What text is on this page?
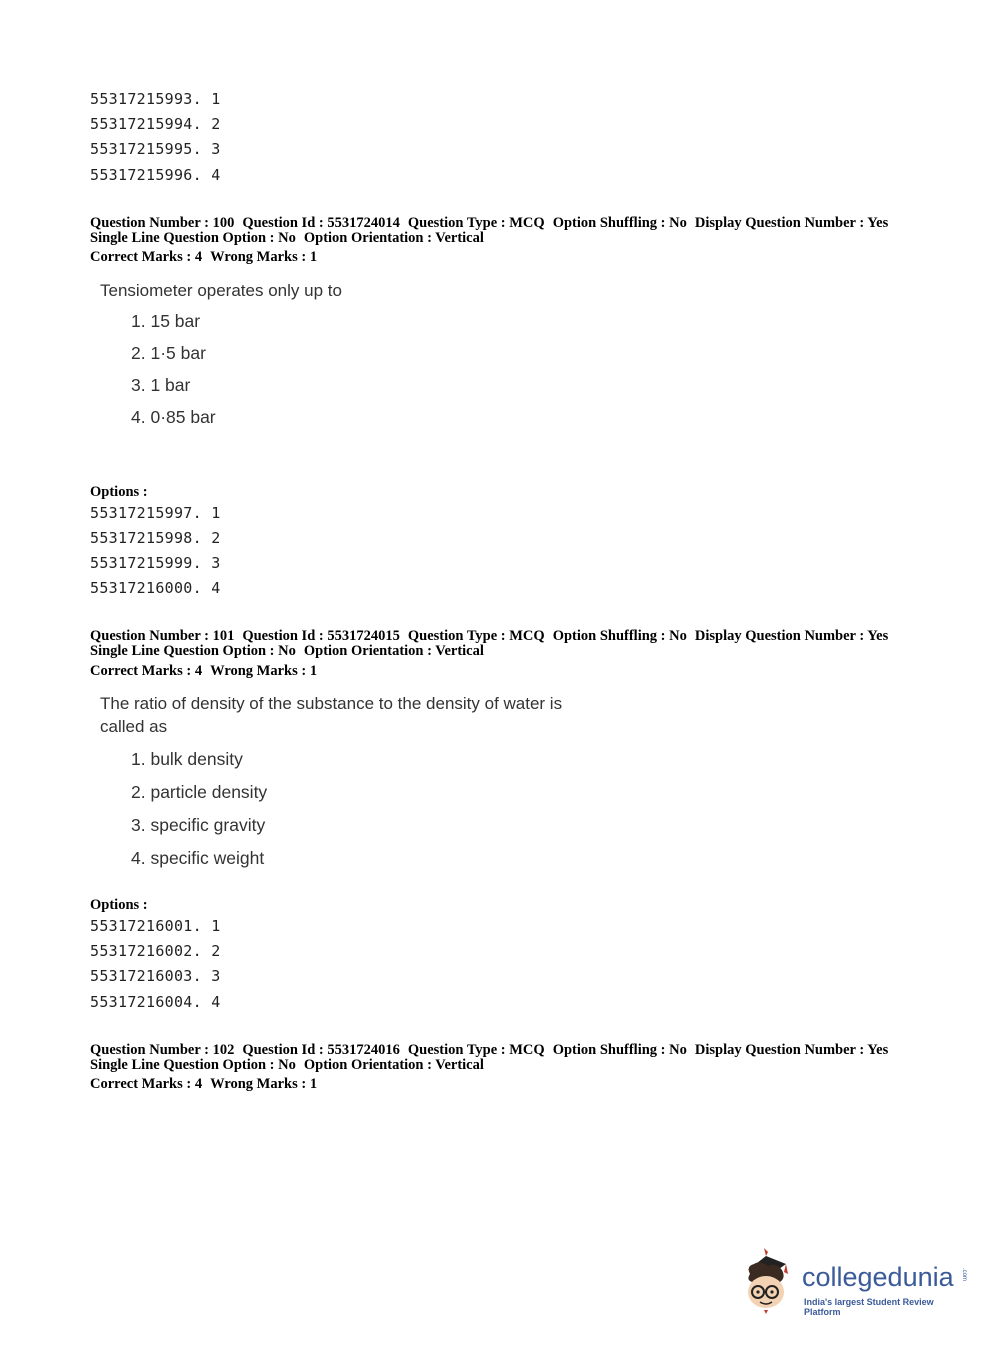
55317215993. 1
55317215994. 2
55317215995. 3
55317215996. 4
Question Number : 100 Question Id : 5531724014 Question Type : MCQ Option Shuffling : No Display Question Number : Yes
Single Line Question Option : No Option Orientation : Vertical
Correct Marks : 4 Wrong Marks : 1
Tensiometer operates only up to
1. 15 bar
2. 1·5 bar
3. 1 bar
4. 0·85 bar
Options :
55317215997. 1
55317215998. 2
55317215999. 3
55317216000. 4
Question Number : 101 Question Id : 5531724015 Question Type : MCQ Option Shuffling : No Display Question Number : Yes
Single Line Question Option : No Option Orientation : Vertical
Correct Marks : 4 Wrong Marks : 1
The ratio of density of the substance to the density of water is
called as
1. bulk density
2. particle density
3. specific gravity
4. specific weight
Options :
55317216001. 1
55317216002. 2
55317216003. 3
55317216004. 4
Question Number : 102 Question Id : 5531724016 Question Type : MCQ Option Shuffling : No Display Question Number : Yes
Single Line Question Option : No Option Orientation : Vertical
Correct Marks : 4 Wrong Marks : 1
collegedunia .com
India's largest Student Review Platform
